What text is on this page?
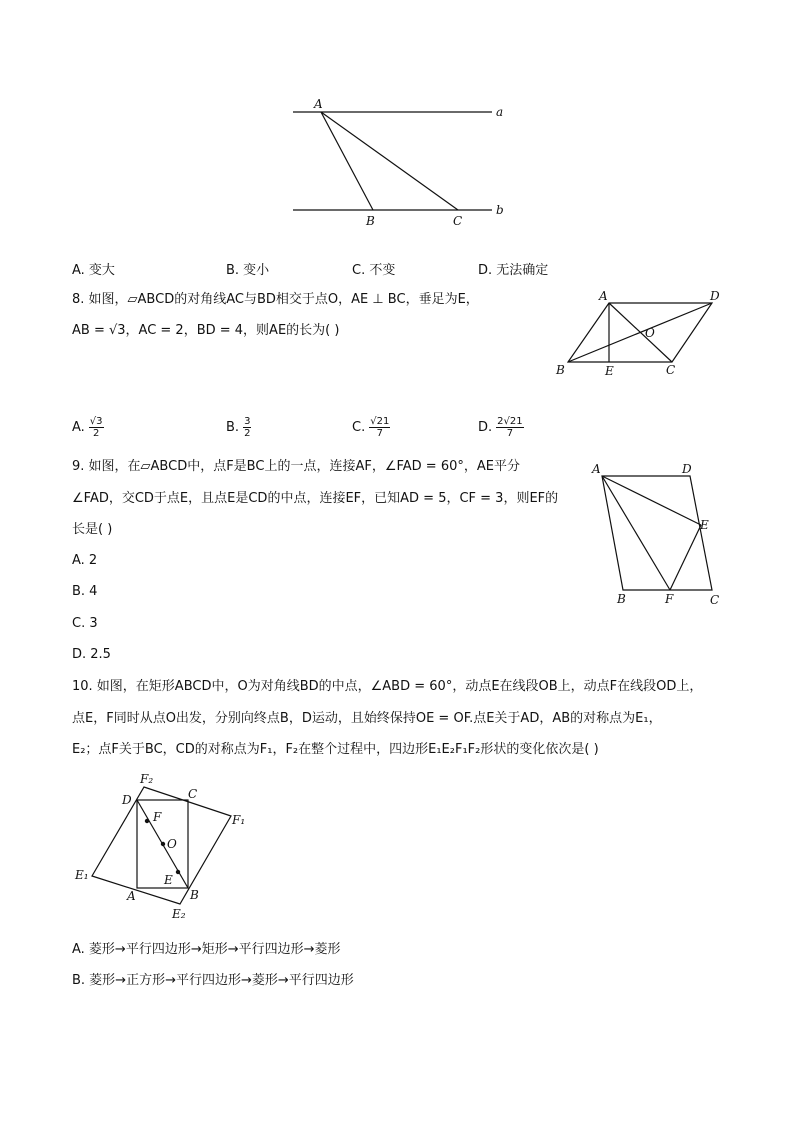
A
a
b
B	C
A. 变大	B. 变小	C. 不变	D. 无法确定
8. 如图，▱ABCD的对角线AC与BD相交于点O，AE ⊥ BC，垂足为E，
AB = √3，AC = 2，BD = 4，则AE的长为( )
A	D
O
B	E	C
A. $\frac{√3}{2}$	B. $\frac{3}{2}$	C. $\frac{√21}{7}$	D. $\frac{2√21}{7}$
9. 如图，在▱ABCD中，点F是BC上的一点，连接AF，∠FAD = 60°，AE平分
∠FAD，交CD于点E，且点E是CD的中点，连接EF，已知AD = 5，CF = 3，则EF的
长是( )
A. 2
B. 4
C. 3
D. 2.5
A	D
E
B	F	C
10. 如图，在矩形ABCD中，O为对角线BD的中点，∠ABD = 60°，动点E在线段OB上，动点F在线段OD上，
点E，F同时从点O出发，分别向终点B，D运动，且始终保持OE = OF.点E关于AD，AB的对称点为E₁，
E₂；点F关于BC，CD的对称点为F₁，F₂在整个过程中，四边形E₁E₂F₁F₂形状的变化依次是( )
F₂
D	C
F₁
F
O
E₁	E
A	B
E₂
A. 菱形→平行四边形→矩形→平行四边形→菱形
B. 菱形→正方形→平行四边形→菱形→平行四边形
